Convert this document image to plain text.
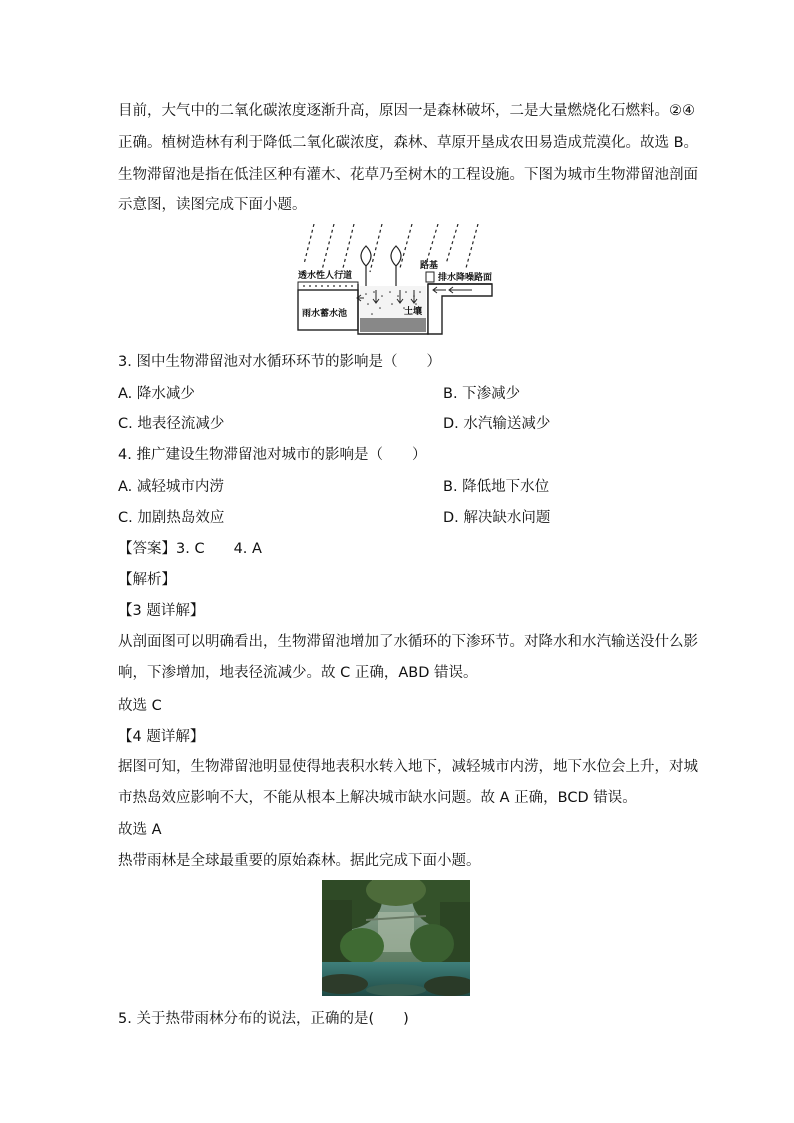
目前，大气中的二氧化碳浓度逐渐升高，原因一是森林破坏，二是大量燃烧化石燃料。②④
正确。植树造林有利于降低二氧化碳浓度，森林、草原开垦成农田易造成荒漠化。故选 B。
生物滞留池是指在低洼区种有灌木、花草乃至树木的工程设施。下图为城市生物滞留池剖面
示意图，读图完成下面小题。
透水性人行道
路基
排水降噪路面
雨水蓄水池	土壤
3. 图中生物滞留池对水循环环节的影响是（　　）
A. 降水减少	B. 下渗减少
C. 地表径流减少	D. 水汽输送减少
4. 推广建设生物滞留池对城市的影响是（　　）
A. 减轻城市内涝	B. 降低地下水位
C. 加剧热岛效应	D. 解决缺水问题
【答案】3. C　　4. A
【解析】
【3 题详解】
从剖面图可以明确看出，生物滞留池增加了水循环的下渗环节。对降水和水汽输送没什么影
响，下渗增加，地表径流减少。故 C 正确，ABD 错误。
故选 C
【4 题详解】
据图可知，生物滞留池明显使得地表积水转入地下，减轻城市内涝，地下水位会上升，对城
市热岛效应影响不大，不能从根本上解决城市缺水问题。故 A 正确，BCD 错误。
故选 A
热带雨林是全球最重要的原始森林。据此完成下面小题。
5. 关于热带雨林分布的说法，正确的是(　　)
